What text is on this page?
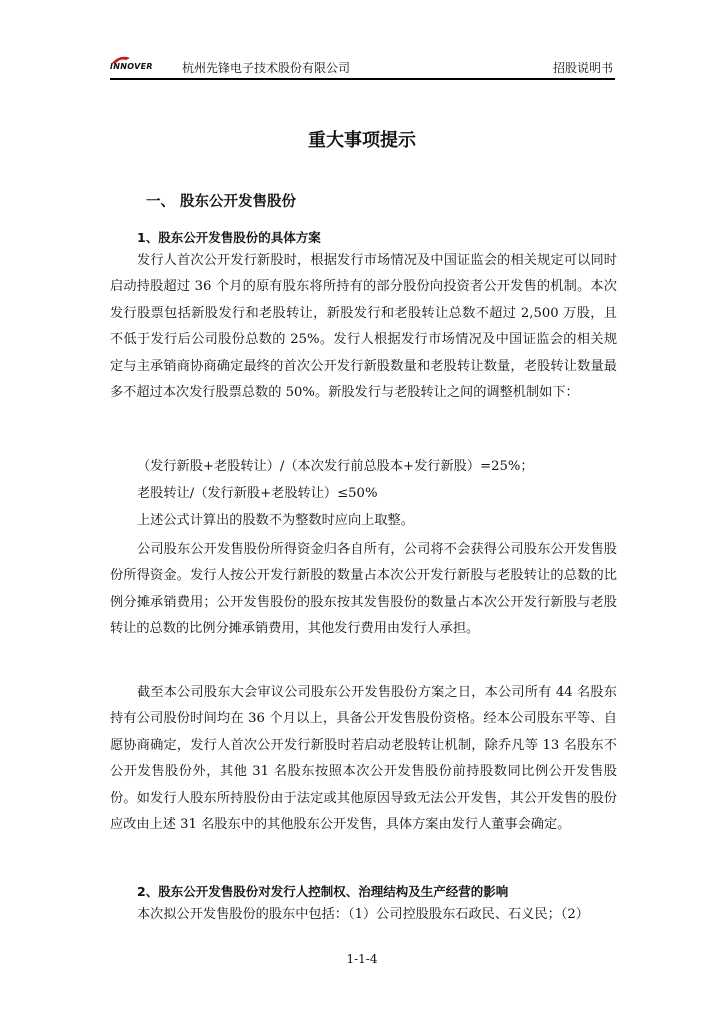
INNOVER 杭州先锋电子技术股份有限公司	招股说明书
重大事项提示
一、 股东公开发售股份
1、股东公开发售股份的具体方案

发行人首次公开发行新股时，根据发行市场情况及中国证监会的相关规定可以同时启动持股超过 36 个月的原有股东将所持有的部分股份向投资者公开发售的机制。本次发行股票包括新股发行和老股转让，新股发行和老股转让总数不超过 2,500 万股，且不低于发行后公司股份总数的 25%。发行人根据发行市场情况及中国证监会的相关规定与主承销商协商确定最终的首次公开发行新股数量和老股转让数量，老股转让数量最多不超过本次发行股票总数的 50%。新股发行与老股转让之间的调整机制如下：

（发行新股+老股转让）/（本次发行前总股本+发行新股）=25%；
老股转让/（发行新股+老股转让）≤50%
上述公式计算出的股数不为整数时应向上取整。

公司股东公开发售股份所得资金归各自所有，公司将不会获得公司股东公开发售股份所得资金。发行人按公开发行新股的数量占本次公开发行新股与老股转让的总数的比例分摊承销费用；公开发售股份的股东按其发售股份的数量占本次公开发行新股与老股转让的总数的比例分摊承销费用，其他发行费用由发行人承担。

截至本公司股东大会审议公司股东公开发售股份方案之日，本公司所有 44 名股东持有公司股份时间均在 36 个月以上，具备公开发售股份资格。经本公司股东平等、自愿协商确定，发行人首次公开发行新股时若启动老股转让机制，除乔凡等 13 名股东不公开发售股份外，其他 31 名股东按照本次公开发售股份前持股数同比例公开发售股份。如发行人股东所持股份由于法定或其他原因导致无法公开发售，其公开发售的股份应改由上述 31 名股东中的其他股东公开发售，具体方案由发行人董事会确定。

2、股东公开发售股份对发行人控制权、治理结构及生产经营的影响

本次拟公开发售股份的股东中包括：（1）公司控股股东石政民、石义民；（2）

1-1-4
